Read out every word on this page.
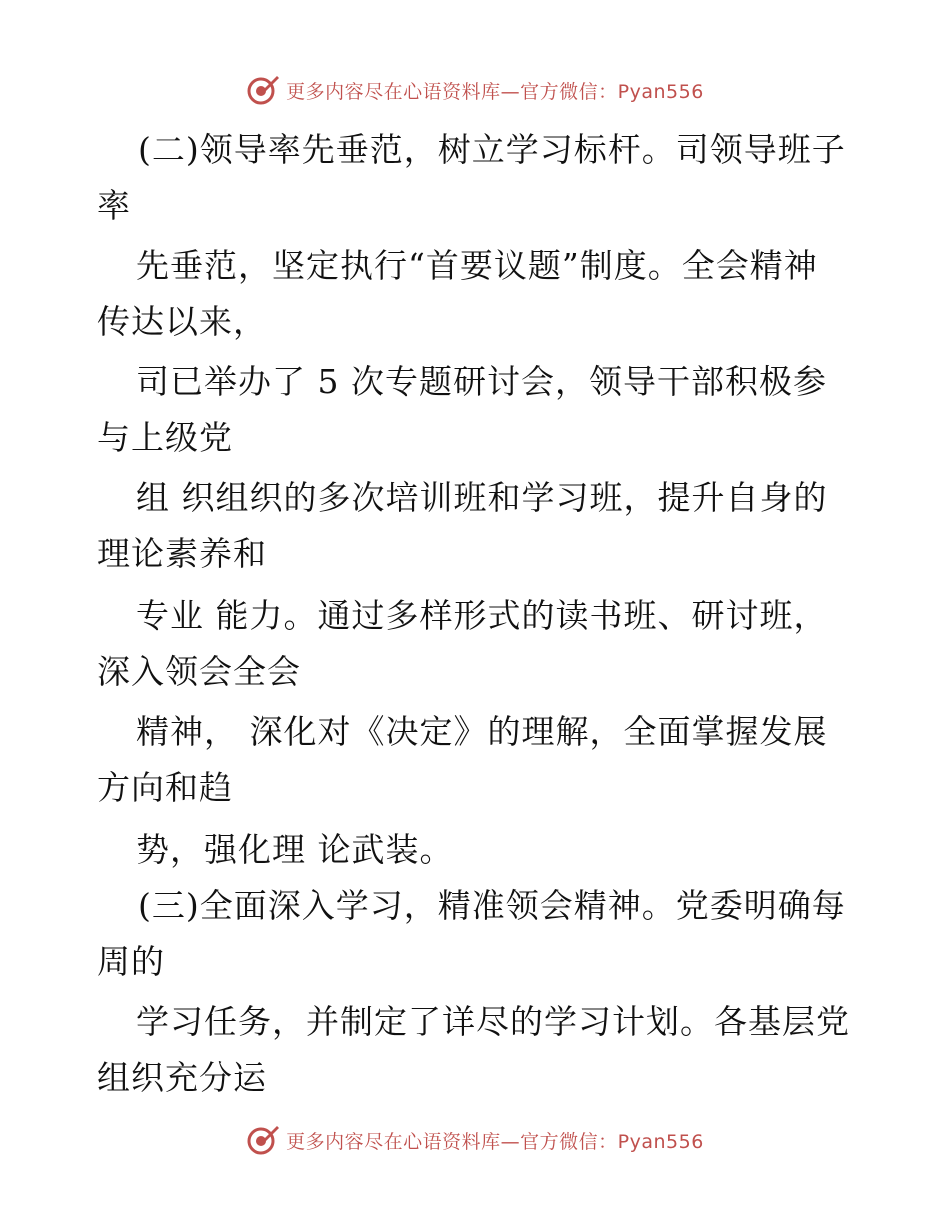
更多内容尽在心语资料库—官方微信：Pyan556
(二)领导率先垂范，树立学习标杆。司领导班子
率
先垂范，坚定执行“首要议题”制度。全会精神
传达以来，
司已举办了 5 次专题研讨会，领导干部积极参
与上级党
组 织组织的多次培训班和学习班，提升自身的
理论素养和
专业 能力。通过多样形式的读书班、研讨班，
深入领会全会
精神， 深化对《决定》的理解，全面掌握发展
方向和趋
势，强化理 论武装。
(三)全面深入学习，精准领会精神。党委明确每
周的
学习任务，并制定了详尽的学习计划。各基层党
组织充分运
更多内容尽在心语资料库—官方微信：Pyan556
